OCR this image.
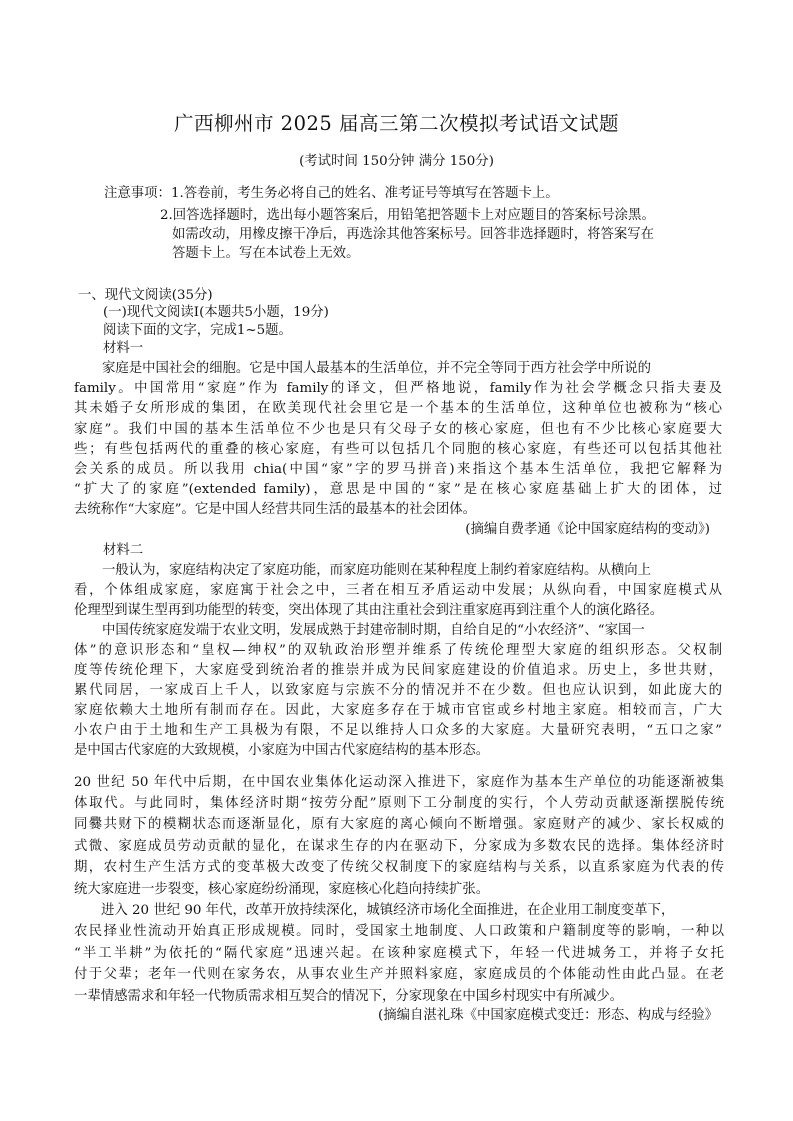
广西柳州市 2025 届高三第二次模拟考试语文试题
(考试时间 150分钟 满分 150分)
注意事项：1.答卷前，考生务必将自己的姓名、准考证号等填写在答题卡上。
2.回答选择题时，选出每小题答案后，用铅笔把答题卡上对应题目的答案标号涂黑。
如需改动，用橡皮擦干净后，再选涂其他答案标号。回答非选择题时，将答案写在
答题卡上。写在本试卷上无效。
一、现代文阅读(35分)
(一)现代文阅读Ⅰ(本题共5小题，19分)
阅读下面的文字，完成1~5题。
材料一
家庭是中国社会的细胞。它是中国人最基本的生活单位，并不完全等同于西方社会学中所说的
family。中国常用“家庭”作为 family的译文，但严格地说，family作为社会学概念只指夫妻及
其未婚子女所形成的集团，在欧美现代社会里它是一个基本的生活单位，这种单位也被称为“核心
家庭”。我们中国的基本生活单位不少也是只有父母子女的核心家庭，但也有不少比核心家庭要大
些；有些包括两代的重叠的核心家庭，有些可以包括几个同胞的核心家庭，有些还可以包括其他社
会关系的成员。所以我用 chia(中国“家”字的罗马拼音)来指这个基本生活单位，我把它解释为
“扩大了的家庭”(extended family)，意思是中国的“家”是在核心家庭基础上扩大的团体，过
去统称作“大家庭”。它是中国人经营共同生活的最基本的社会团体。
(摘编自费孝通《论中国家庭结构的变动》)
材料二
一般认为，家庭结构决定了家庭功能，而家庭功能则在某种程度上制约着家庭结构。从横向上
看，个体组成家庭，家庭寓于社会之中，三者在相互矛盾运动中发展；从纵向看，中国家庭模式从
伦理型到谋生型再到功能型的转变，突出体现了其由注重社会到注重家庭再到注重个人的演化路径。
中国传统家庭发端于农业文明，发展成熟于封建帝制时期，自给自足的“小农经济”、“家国一
体”的意识形态和“皇权—绅权”的双轨政治形塑并维系了传统伦理型大家庭的组织形态。父权制
度等传统伦理下，大家庭受到统治者的推崇并成为民间家庭建设的价值追求。历史上，多世共财，
累代同居，一家成百上千人，以致家庭与宗族不分的情况并不在少数。但也应认识到，如此庞大的
家庭依赖大土地所有制而存在。因此，大家庭多存在于城市官宦或乡村地主家庭。相较而言，广大
小农户由于土地和生产工具极为有限，不足以维持人口众多的大家庭。大量研究表明，“五口之家”
是中国古代家庭的大致规模，小家庭为中国古代家庭结构的基本形态。
20 世纪 50 年代中后期，在中国农业集体化运动深入推进下，家庭作为基本生产单位的功能逐渐被集
体取代。与此同时，集体经济时期“按劳分配”原则下工分制度的实行，个人劳动贡献逐渐摆脱传统
同爨共财下的模糊状态而逐渐显化，原有大家庭的离心倾向不断增强。家庭财产的减少、家长权威的
式微、家庭成员劳动贡献的显化，在谋求生存的内在驱动下，分家成为多数农民的选择。集体经济时
期，农村生产生活方式的变革极大改变了传统父权制度下的家庭结构与关系，以直系家庭为代表的传
统大家庭进一步裂变，核心家庭纷纷涌现，家庭核心化趋向持续扩张。
进入 20 世纪 90 年代，改革开放持续深化，城镇经济市场化全面推进，在企业用工制度变革下，
农民择业性流动开始真正形成规模。同时，受国家土地制度、人口政策和户籍制度等的影响，一种以
“半工半耕”为依托的“隔代家庭”迅速兴起。在该种家庭模式下，年轻一代进城务工，并将子女托
付于父辈；老年一代则在家务农，从事农业生产并照料家庭，家庭成员的个体能动性由此凸显。在老
一辈情感需求和年轻一代物质需求相互契合的情况下，分家现象在中国乡村现实中有所减少。
(摘编自湛礼珠《中国家庭模式变迁：形态、构成与经验》
